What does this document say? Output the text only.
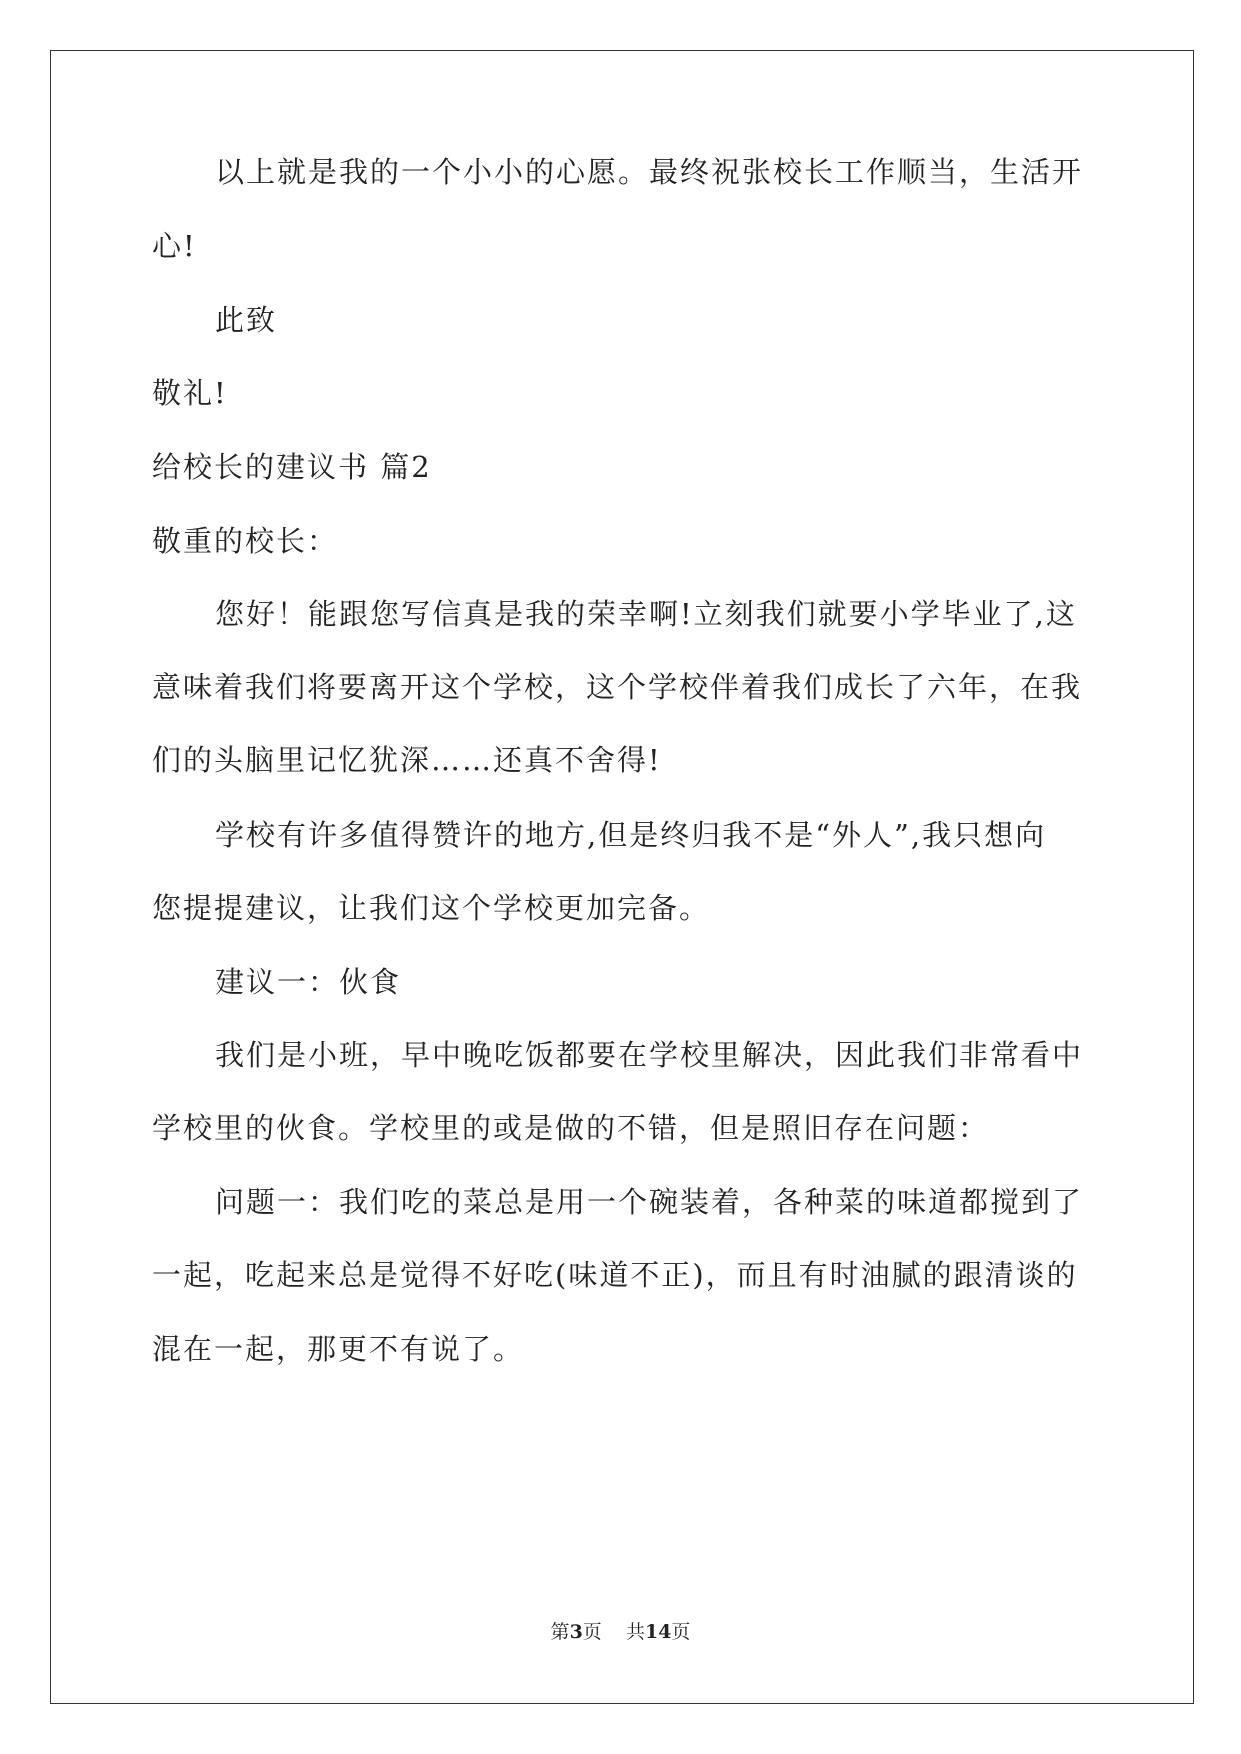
以上就是我的一个小小的心愿。最终祝张校长工作顺当，生活开
心!
此致
敬礼!
给校长的建议书 篇2
敬重的校长：
您好！能跟您写信真是我的荣幸啊!立刻我们就要小学毕业了,这
意味着我们将要离开这个学校，这个学校伴着我们成长了六年，在我
们的头脑里记忆犹深……还真不舍得!
学校有许多值得赞许的地方,但是终归我不是“外人”,我只想向
您提提建议，让我们这个学校更加完备。
建议一：伙食
我们是小班，早中晚吃饭都要在学校里解决，因此我们非常看中
学校里的伙食。学校里的或是做的不错，但是照旧存在问题：
问题一：我们吃的菜总是用一个碗装着，各种菜的味道都搅到了
一起，吃起来总是觉得不好吃(味道不正)，而且有时油腻的跟清谈的
混在一起，那更不有说了。
第3页    共14页
